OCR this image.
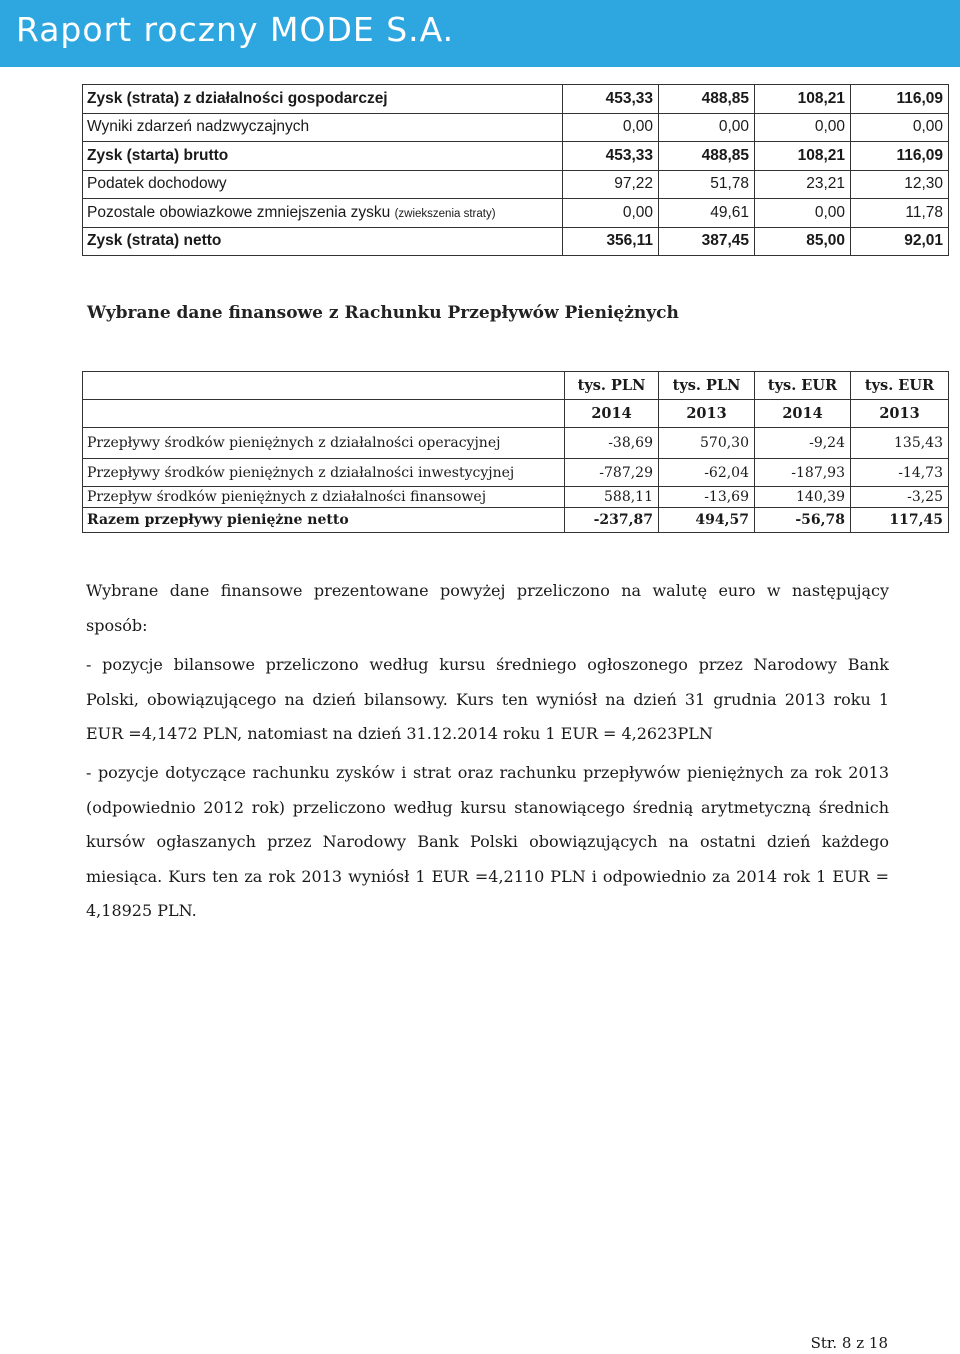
Raport roczny MODE S.A.
Zysk (strata) z działalności gospodarczej	453,33	488,85	108,21	116,09
Wyniki zdarzeń nadzwyczajnych	0,00	0,00	0,00	0,00
Zysk (starta) brutto	453,33	488,85	108,21	116,09
Podatek dochodowy	97,22	51,78	23,21	12,30
Pozostale obowiazkowe zmniejszenia zysku (zwiekszenia straty)	0,00	49,61	0,00	11,78
Zysk (strata) netto	356,11	387,45	85,00	92,01
Wybrane dane finansowe z Rachunku Przepływów Pieniężnych
	tys. PLN	tys. PLN	tys. EUR	tys. EUR
	2014	2013	2014	2013
Przepływy środków pieniężnych z działalności operacyjnej	-38,69	570,30	-9,24	135,43
Przepływy środków pieniężnych z działalności inwestycyjnej	-787,29	-62,04	-187,93	-14,73
Przepływ środków pieniężnych z działalności finansowej	588,11	-13,69	140,39	-3,25
Razem przepływy pieniężne netto	-237,87	494,57	-56,78	117,45
Wybrane dane finansowe prezentowane powyżej przeliczono na walutę euro w następujący sposób:
- pozycje bilansowe przeliczono według kursu średniego ogłoszonego przez Narodowy Bank Polski, obowiązującego na dzień bilansowy. Kurs ten wyniósł na dzień 31 grudnia 2013 roku 1 EUR =4,1472 PLN, natomiast na dzień 31.12.2014 roku 1 EUR = 4,2623PLN
- pozycje dotyczące rachunku zysków i strat oraz rachunku przepływów pieniężnych za rok 2013 (odpowiednio 2012 rok) przeliczono według kursu stanowiącego średnią arytmetyczną średnich kursów ogłaszanych przez Narodowy Bank Polski obowiązujących na ostatni dzień każdego miesiąca. Kurs ten za rok 2013 wyniósł 1 EUR =4,2110 PLN i odpowiednio za 2014 rok 1 EUR = 4,18925 PLN.
Str. 8 z 18
